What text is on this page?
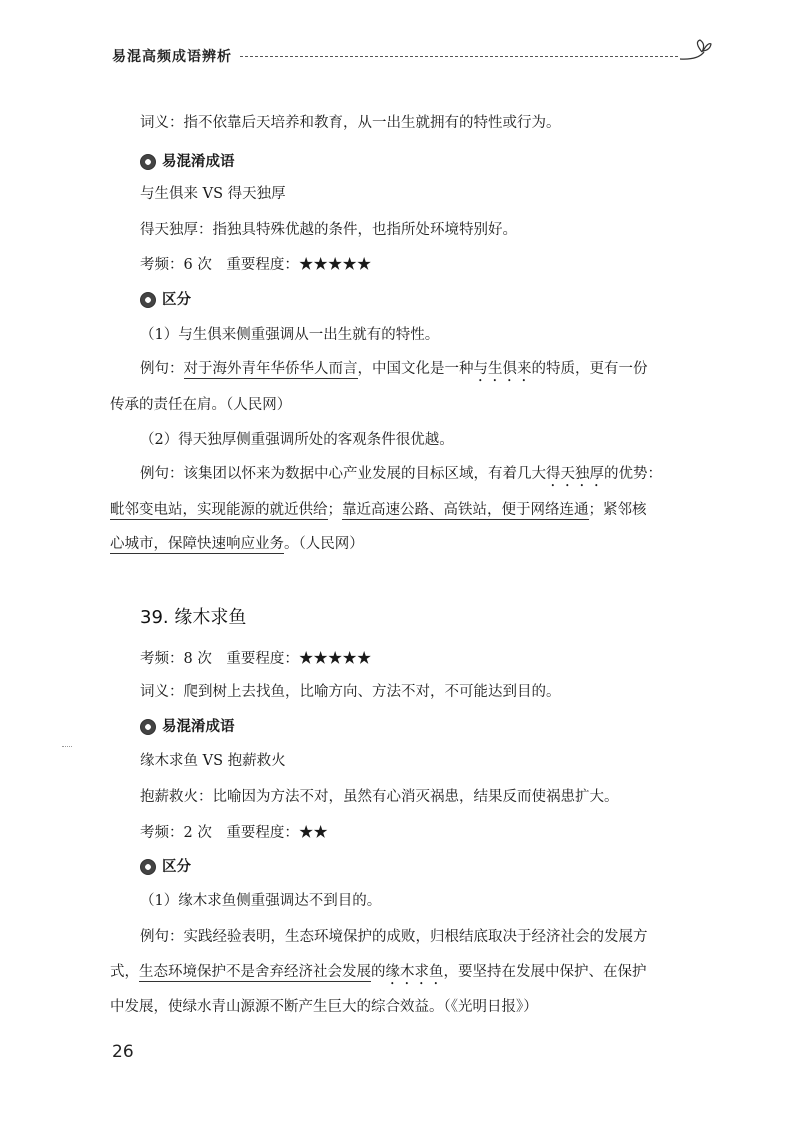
易混高频成语辨析
词义：指不依靠后天培养和教育，从一出生就拥有的特性或行为。
易混淆成语
与生俱来 VS 得天独厚
得天独厚：指独具特殊优越的条件，也指所处环境特别好。
考频：6 次　重要程度：★★★★★
区分
（1）与生俱来侧重强调从一出生就有的特性。
例句：对于海外青年华侨华人而言，中国文化是一种与生俱来的特质，更有一份
传承的责任在肩。（人民网）
（2）得天独厚侧重强调所处的客观条件很优越。
例句：该集团以怀来为数据中心产业发展的目标区域，有着几大得天独厚的优势：
毗邻变电站，实现能源的就近供给；靠近高速公路、高铁站，便于网络连通；紧邻核
心城市，保障快速响应业务。（人民网）
39. 缘木求鱼
考频：8 次　重要程度：★★★★★
词义：爬到树上去找鱼，比喻方向、方法不对，不可能达到目的。
易混淆成语
缘木求鱼 VS 抱薪救火
抱薪救火：比喻因为方法不对，虽然有心消灭祸患，结果反而使祸患扩大。
考频：2 次　重要程度：★★
区分
（1）缘木求鱼侧重强调达不到目的。
例句：实践经验表明，生态环境保护的成败，归根结底取决于经济社会的发展方
式，生态环境保护不是舍弃经济社会发展的缘木求鱼，要坚持在发展中保护、在保护
中发展，使绿水青山源源不断产生巨大的综合效益。（《光明日报》）
26
